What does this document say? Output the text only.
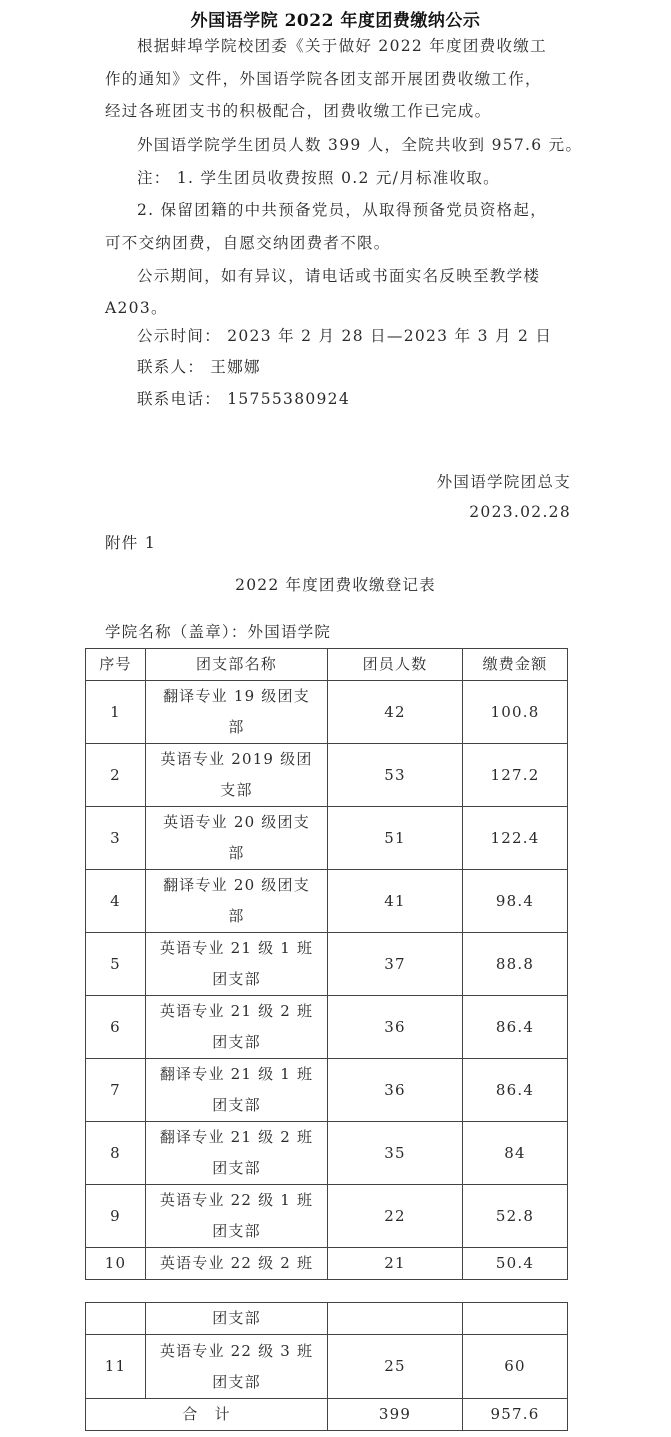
外国语学院 2022 年度团费缴纳公示
根据蚌埠学院校团委《关于做好 2022 年度团费收缴工
作的通知》文件，外国语学院各团支部开展团费收缴工作，
经过各班团支书的积极配合，团费收缴工作已完成。
外国语学院学生团员人数 399 人，全院共收到 957.6 元。
注： 1. 学生团员收费按照 0.2 元/月标准收取。
2. 保留团籍的中共预备党员，从取得预备党员资格起，
可不交纳团费，自愿交纳团费者不限。
公示期间，如有异议，请电话或书面实名反映至教学楼
A203。
公示时间： 2023 年 2 月 28 日—2023 年 3 月 2 日
联系人： 王娜娜
联系电话： 15755380924
外国语学院团总支
2023.02.28
附件 1
2022 年度团费收缴登记表
学院名称（盖章）：外国语学院
序号	团支部名称	团员人数	缴费金额
1	翻译专业 19 级团支
部	42	100.8
2	英语专业 2019 级团
支部	53	127.2
3	英语专业 20 级团支
部	51	122.4
4	翻译专业 20 级团支
部	41	98.4
5	英语专业 21 级 1 班
团支部	37	88.8
6	英语专业 21 级 2 班
团支部	36	86.4
7	翻译专业 21 级 1 班
团支部	36	86.4
8	翻译专业 21 级 2 班
团支部	35	84
9	英语专业 22 级 1 班
团支部	22	52.8
10	英语专业 22 级 2 班	21	50.4
	团支部		
11	英语专业 22 级 3 班
团支部	25	60
合　计		399	957.6
